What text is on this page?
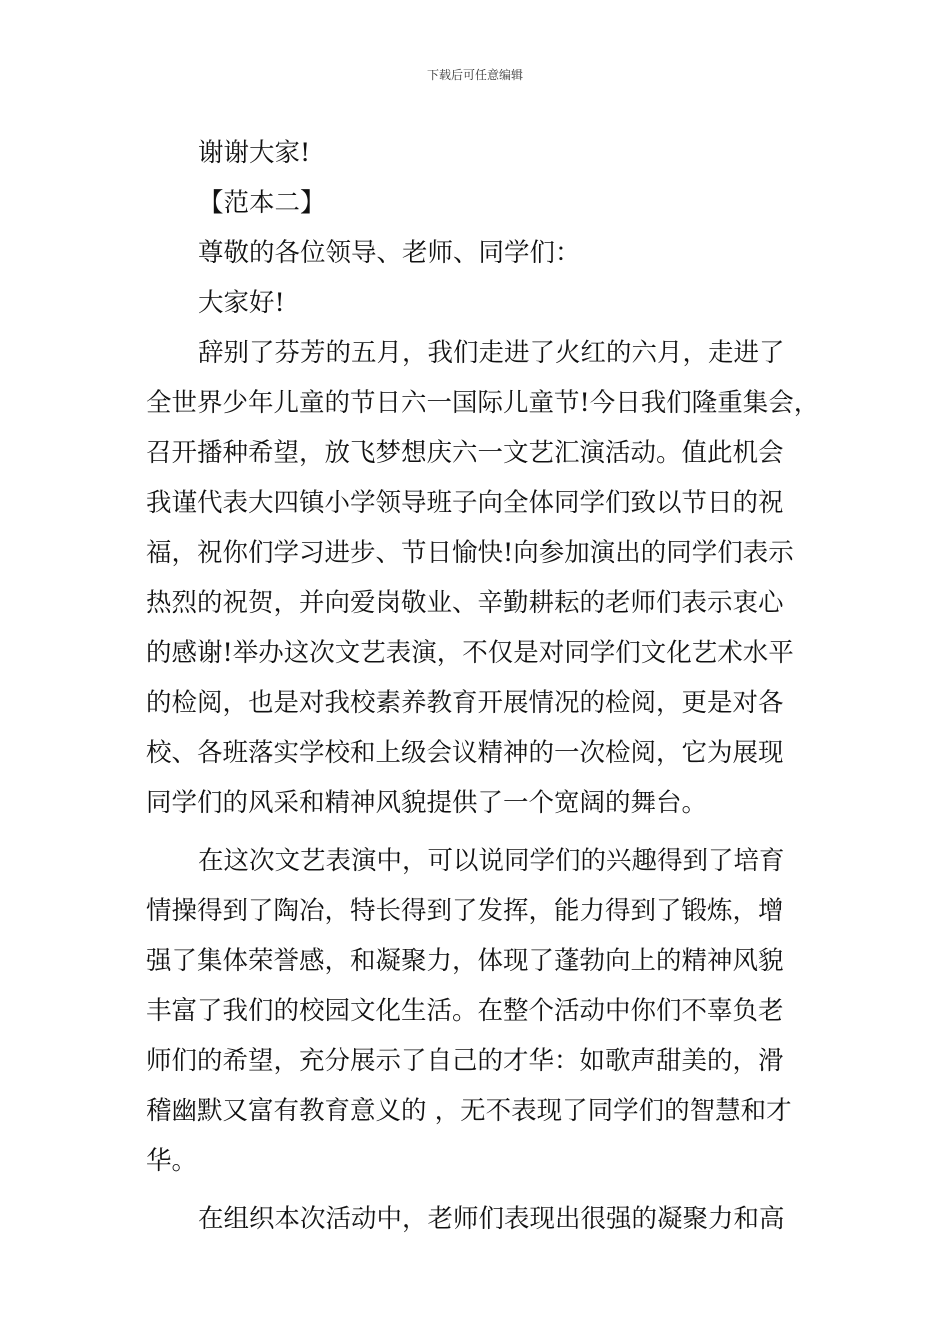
下载后可任意编辑
谢谢大家!
【范本二】
尊敬的各位领导、老师、同学们：
大家好!
辞别了芬芳的五月，我们走进了火红的六月，走进了
全世界少年儿童的节日六一国际儿童节!今日我们隆重集会，
召开播种希望，放飞梦想庆六一文艺汇演活动。值此机会
我谨代表大四镇小学领导班子向全体同学们致以节日的祝
福，祝你们学习进步、节日愉快!向参加演出的同学们表示
热烈的祝贺，并向爱岗敬业、辛勤耕耘的老师们表示衷心
的感谢!举办这次文艺表演，不仅是对同学们文化艺术水平
的检阅，也是对我校素养教育开展情况的检阅，更是对各
校、各班落实学校和上级会议精神的一次检阅，它为展现
同学们的风采和精神风貌提供了一个宽阔的舞台。
在这次文艺表演中，可以说同学们的兴趣得到了培育
情操得到了陶冶，特长得到了发挥，能力得到了锻炼，增
强了集体荣誉感，和凝聚力，体现了蓬勃向上的精神风貌
丰富了我们的校园文化生活。在整个活动中你们不辜负老
师们的希望，充分展示了自己的才华：如歌声甜美的，滑
稽幽默又富有教育意义的 ，无不表现了同学们的智慧和才
华。
在组织本次活动中，老师们表现出很强的凝聚力和高
